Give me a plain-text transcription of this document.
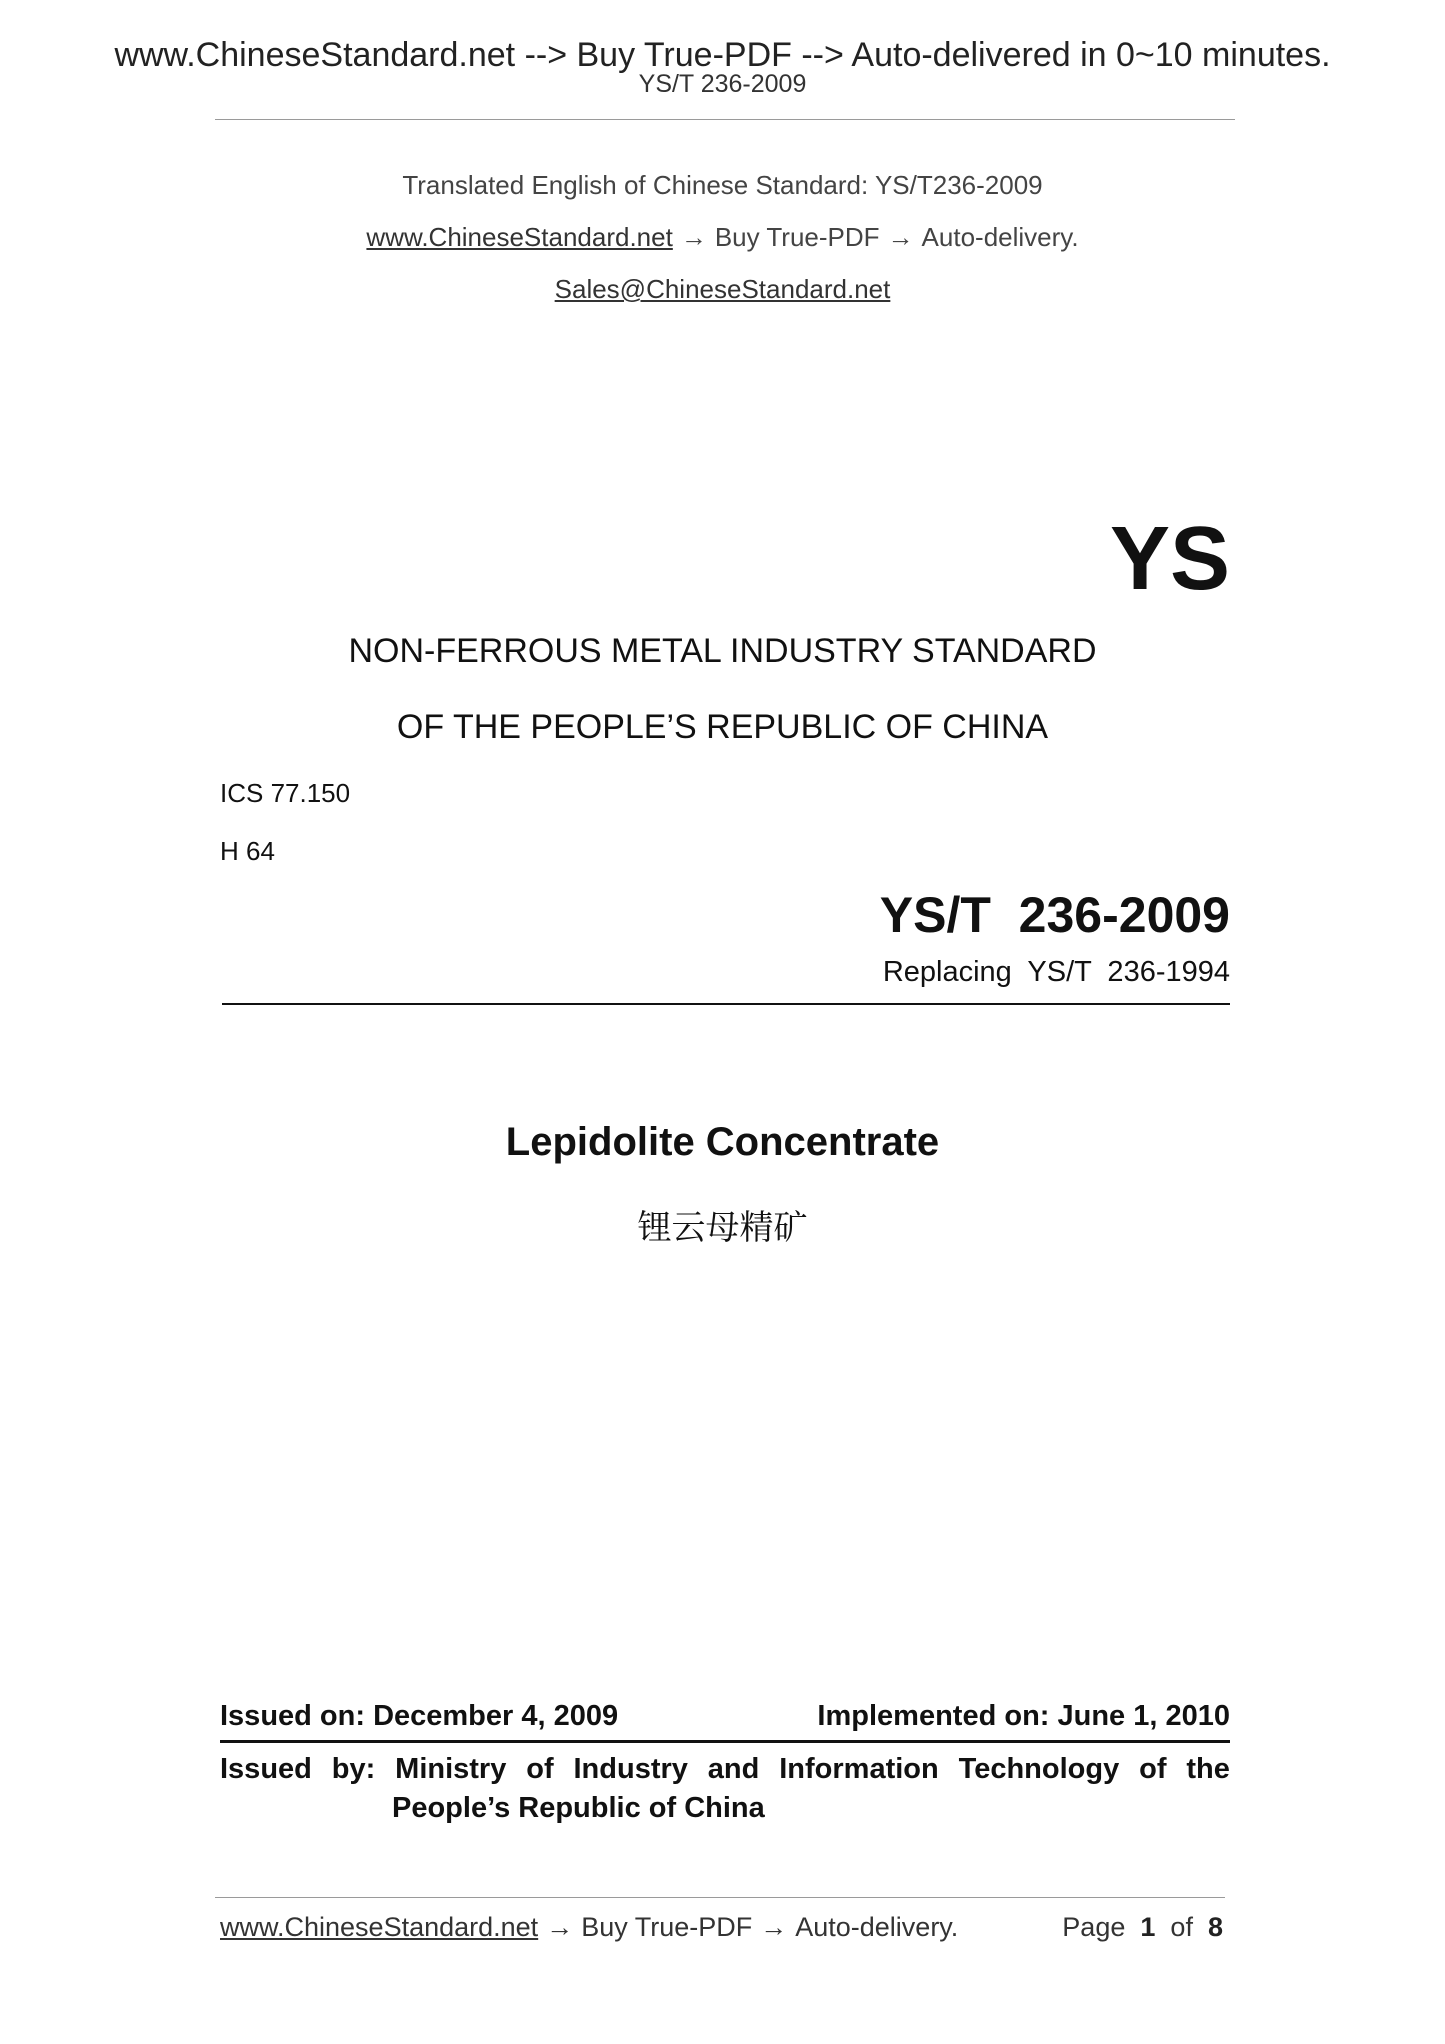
www.ChineseStandard.net --> Buy True-PDF --> Auto-delivered in 0~10 minutes.
YS/T 236-2009
Translated English of Chinese Standard: YS/T236-2009
www.ChineseStandard.net → Buy True-PDF → Auto-delivery.
Sales@ChineseStandard.net
YS
NON-FERROUS METAL INDUSTRY STANDARD
OF THE PEOPLE’S REPUBLIC OF CHINA
ICS 77.150
H 64
YS/T  236-2009
Replacing  YS/T  236-1994
Lepidolite Concentrate
锂云母精矿
Issued on: December 4, 2009	Implemented on: June 1, 2010
Issued by: Ministry of Industry and Information Technology of the
People’s Republic of China
www.ChineseStandard.net → Buy True-PDF → Auto-delivery.	Page 1 of 8
